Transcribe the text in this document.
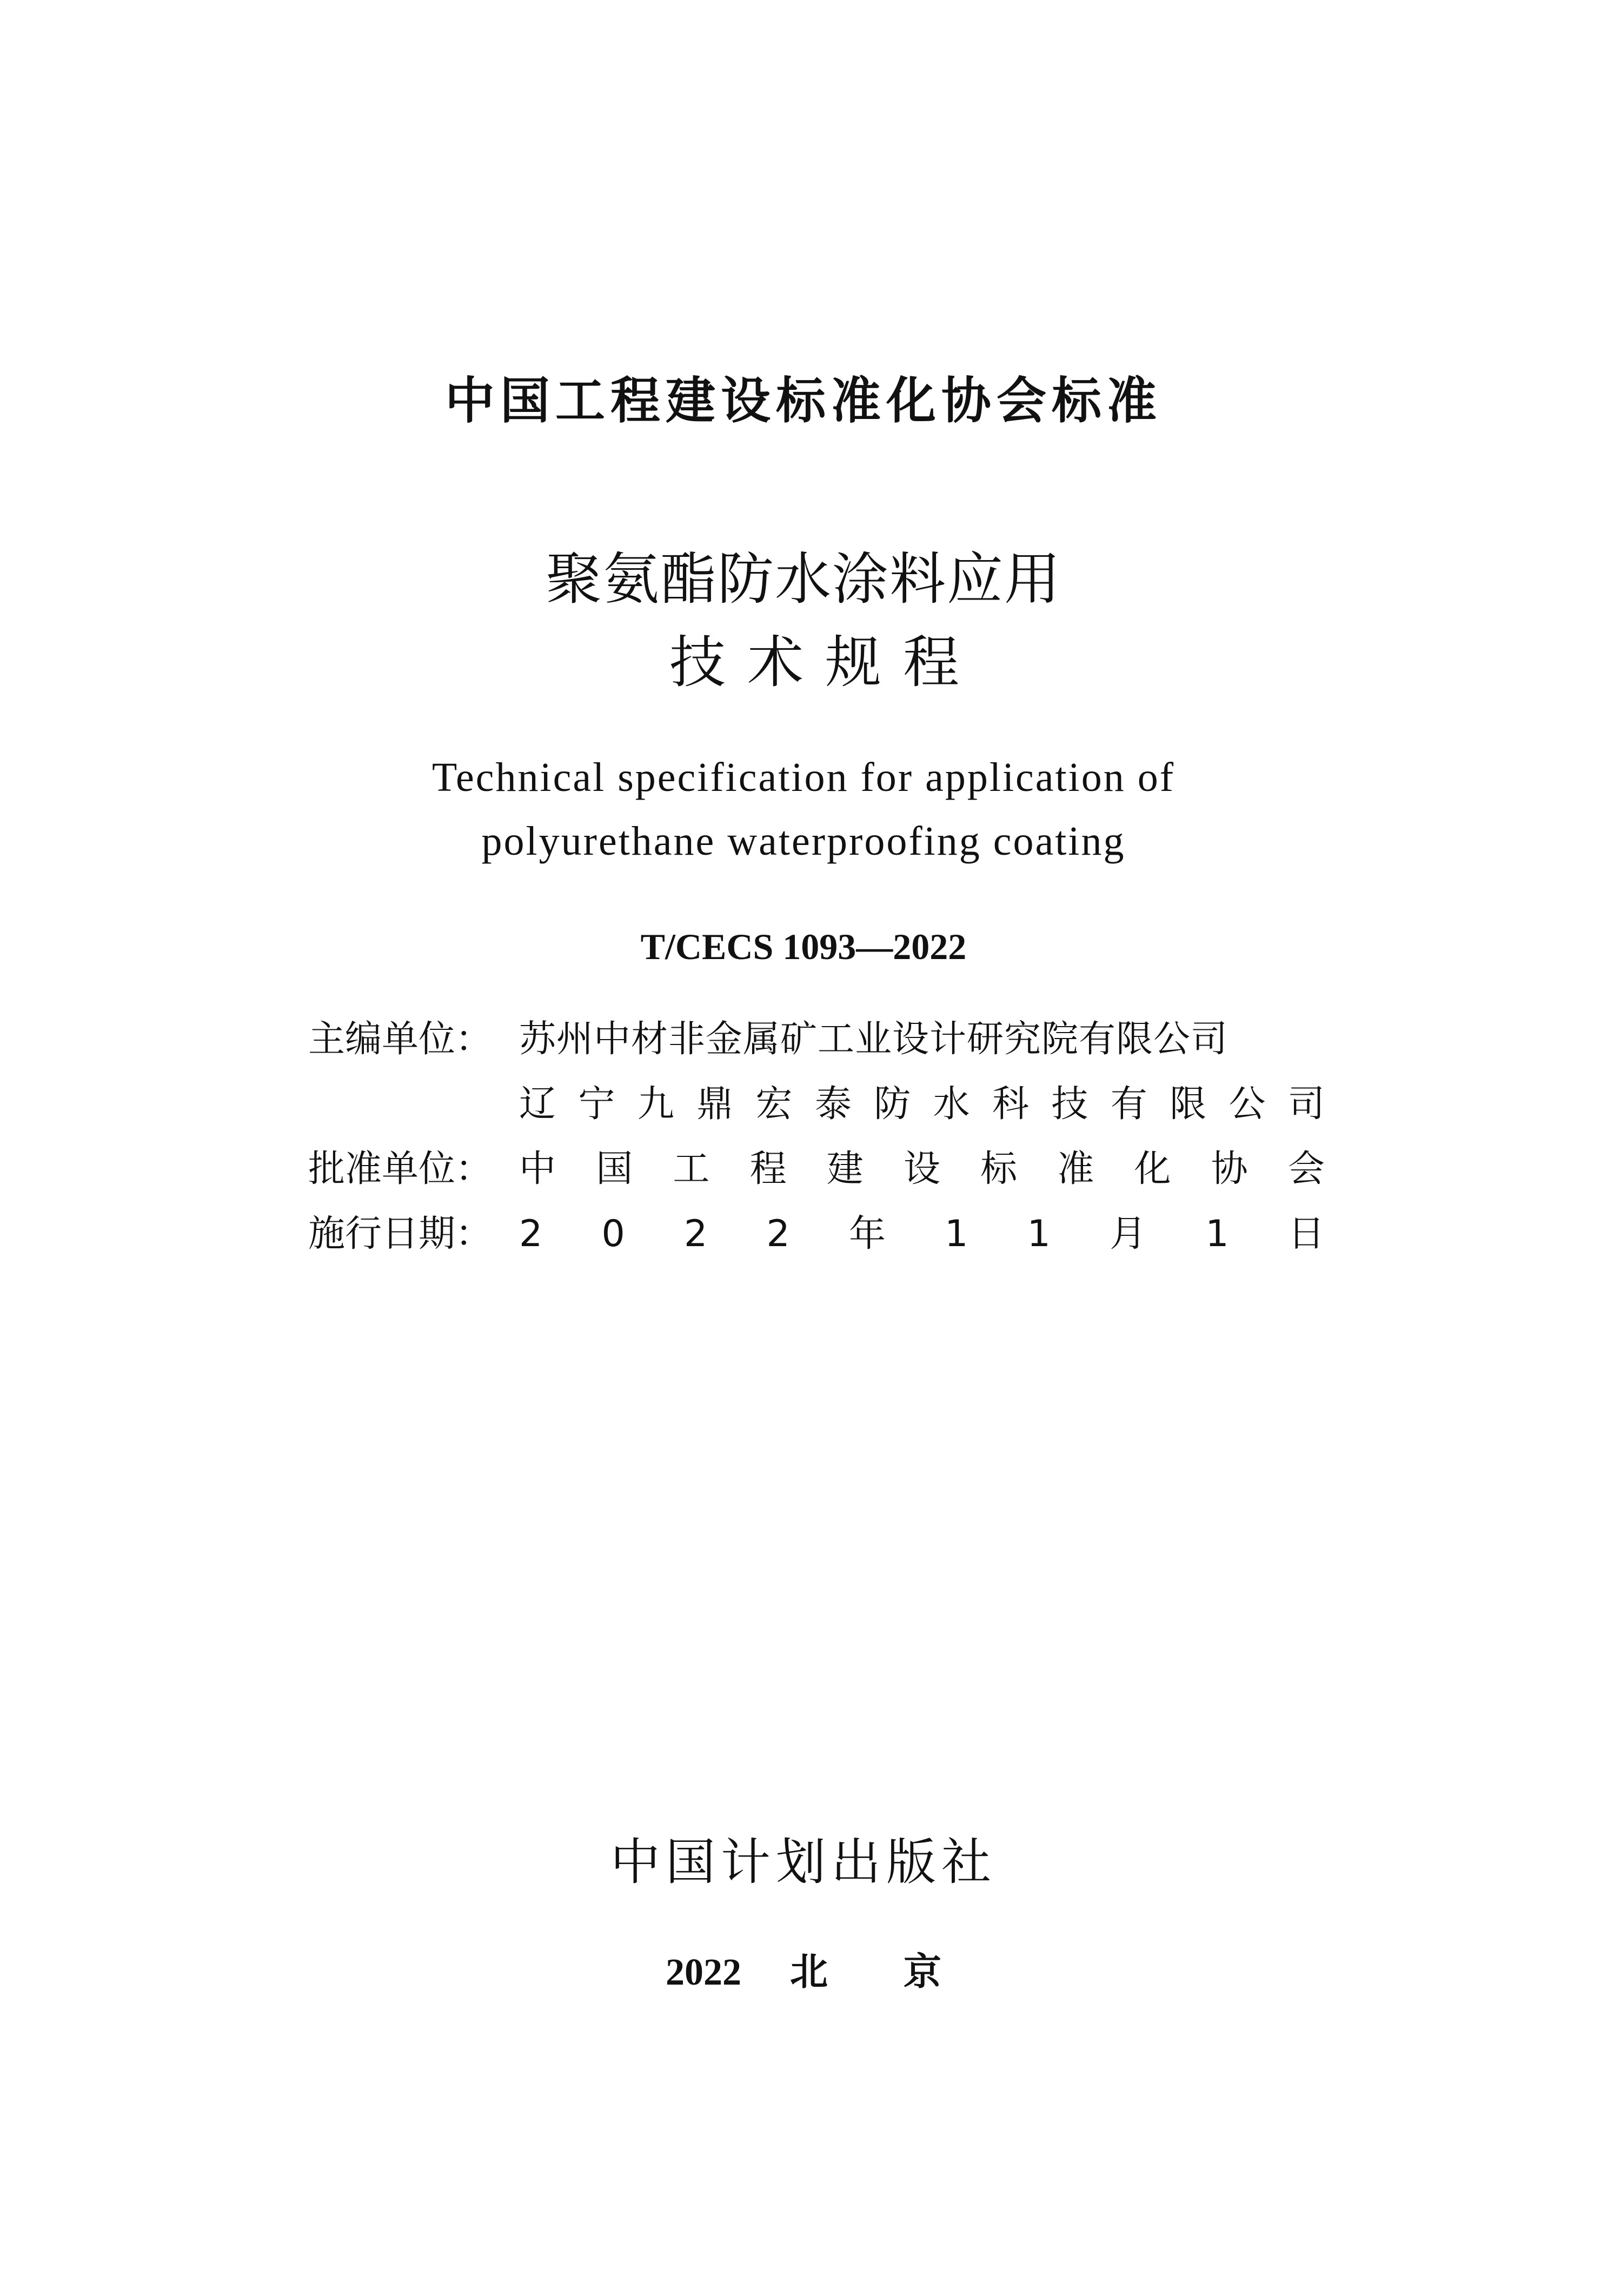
中国工程建设标准化协会标准
聚氨酯防水涂料应用
技术规程
Technical specification for application of
polyurethane waterproofing coating
T/CECS 1093—2022
主编单位： 苏州中材非金属矿工业设计研究院有限公司
辽 宁 九 鼎 宏 泰 防 水 科 技 有 限 公 司
批准单位： 中 国 工 程 建 设 标 准 化 协 会
施行日期： 2 0 2 2 年 1 1 月 1 日
中国计划出版社
2022 北 京
